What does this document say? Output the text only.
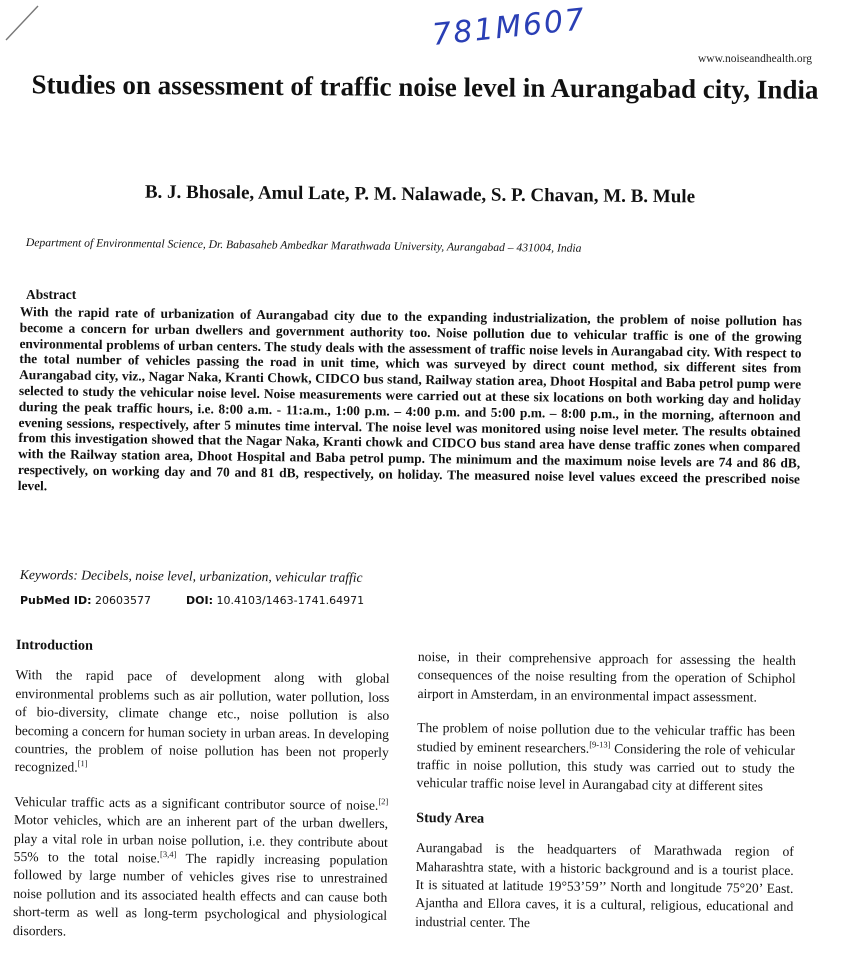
781M607
www.noiseandhealth.org
Studies on assessment of traffic noise level in Aurangabad city, India
B. J. Bhosale, Amul Late, P. M. Nalawade, S. P. Chavan, M. B. Mule
Department of Environmental Science, Dr. Babasaheb Ambedkar Marathwada University, Aurangabad – 431004, India
Abstract
With the rapid rate of urbanization of Aurangabad city due to the expanding industrialization, the problem of noise pollution has become a concern for urban dwellers and government authority too. Noise pollution due to vehicular traffic is one of the growing environmental problems of urban centers. The study deals with the assessment of traffic noise levels in Aurangabad city. With respect to the total number of vehicles passing the road in unit time, which was surveyed by direct count method, six different sites from Aurangabad city, viz., Nagar Naka, Kranti Chowk, CIDCO bus stand, Railway station area, Dhoot Hospital and Baba petrol pump were selected to study the vehicular noise level. Noise measurements were carried out at these six locations on both working day and holiday during the peak traffic hours, i.e. 8:00 a.m. - 11:a.m., 1:00 p.m. – 4:00 p.m. and 5:00 p.m. – 8:00 p.m., in the morning, afternoon and evening sessions, respectively, after 5 minutes time interval. The noise level was monitored using noise level meter. The results obtained from this investigation showed that the Nagar Naka, Kranti chowk and CIDCO bus stand area have dense traffic zones when compared with the Railway station area, Dhoot Hospital and Baba petrol pump. The minimum and the maximum noise levels are 74 and 86 dB, respectively, on working day and 70 and 81 dB, respectively, on holiday. The measured noise level values exceed the prescribed noise level.
Keywords: Decibels, noise level, urbanization, vehicular traffic
PubMed ID: 20603577	DOI: 10.4103/1463-1741.64971
Introduction

With the rapid pace of development along with global environmental problems such as air pollution, water pollution, loss of bio-diversity, climate change etc., noise pollution is also becoming a concern for human society in urban areas. In developing countries, the problem of noise pollution has been not properly recognized.[1]

Vehicular traffic acts as a significant contributor source of noise.[2] Motor vehicles, which are an inherent part of the urban dwellers, play a vital role in urban noise pollution, i.e. they contribute about 55% to the total noise.[3,4] The rapidly increasing population followed by large number of vehicles gives rise to unrestrained noise pollution and its associated health effects and can cause both short-term as well as long-term psychological and physiological disorders.

noise, in their comprehensive approach for assessing the health consequences of the noise resulting from the operation of Schiphol airport in Amsterdam, in an environmental impact assessment.

The problem of noise pollution due to the vehicular traffic has been studied by eminent researchers.[9-13] Considering the role of vehicular traffic in noise pollution, this study was carried out to study the vehicular traffic noise level in Aurangabad city at different sites

Study Area

Aurangabad is the headquarters of Marathwada region of Maharashtra state, with a historic background and is a tourist place. It is situated at latitude 19°53’59’’ North and longitude 75°20’ East. Ajantha and Ellora caves, it is a cultural, religious, educational and industrial center. The
